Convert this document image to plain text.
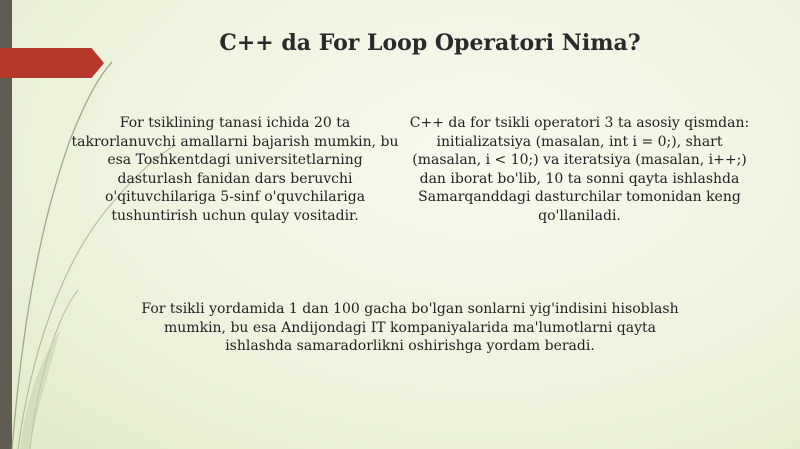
C++ da For Loop Operatori Nima?

For tsiklining tanasi ichida 20 ta takrorlanuvchi amallarni bajarish mumkin, bu esa Toshkentdagi universitetlarning dasturlash fanidan dars beruvchi o'qituvchilariga 5-sinf o'quvchilariga tushuntirish uchun qulay vositadir.

C++ da for tsikli operatori 3 ta asosiy qismdan: initializatsiya (masalan, int i = 0;), shart (masalan, i < 10;) va iteratsiya (masalan, i++;) dan iborat bo'lib, 10 ta sonni qayta ishlashda Samarqanddagi dasturchilar tomonidan keng qo'llaniladi.

For tsikli yordamida 1 dan 100 gacha bo'lgan sonlarni yig'indisini hisoblash mumkin, bu esa Andijondagi IT kompaniyalarida ma'lumotlarni qayta ishlashda samaradorlikni oshirishga yordam beradi.
